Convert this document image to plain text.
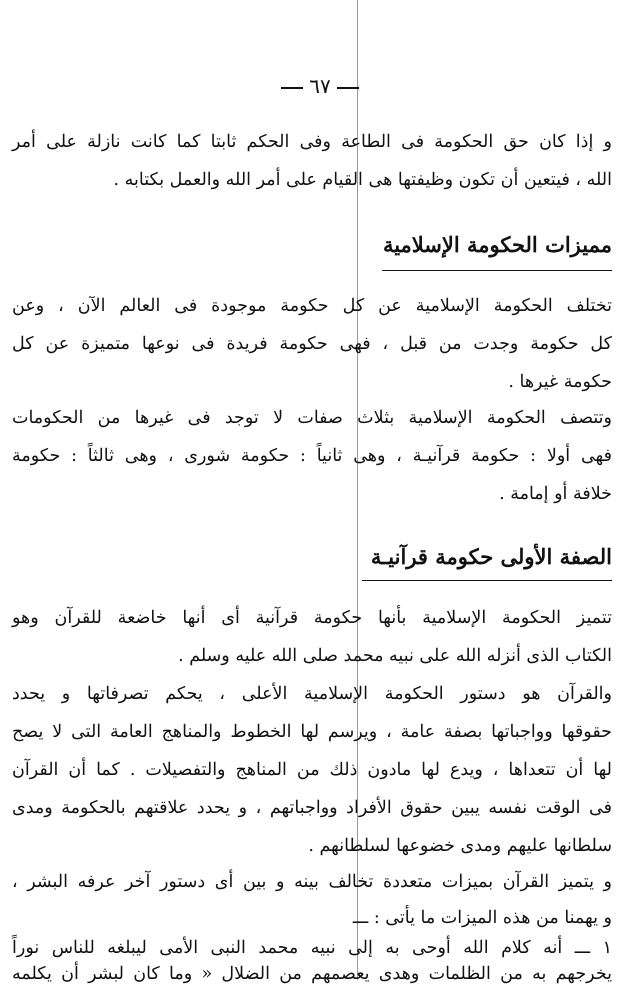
٦٧
و إذا كان حق الحكومة فى الطاعة وفى الحكم ثابتا كما كانت نازلة على أمر
الله ، فيتعين أن تكون وظيفتها هى القيام على أمر الله والعمل بكتابه .
مميزات الحكومة الإسلامية
تختلف الحكومة الإسلامية عن كل حكومة موجودة فى العالم الآن ، وعن
كل حكومة وجدت من قبل ، فهى حكومة فريدة فى نوعها متميزة عن كل
حكومة غيرها .
وتتصف الحكومة الإسلامية بثلاث صفات لا توجد فى غيرها من الحكومات
فهى أولا : حكومة قرآنيـة ، وهى ثانياً : حكومة شورى ، وهى ثالثاً : حكومة
خلافة أو إمامة .
الصفة الأولى حكومة قرآنيـة
تتميز الحكومة الإسلامية بأنها حكومة قرآنية أى أنها خاضعة للقرآن وهو
الكتاب الذى أنزله الله على نبيه محمد صلى الله عليه وسلم .
والقرآن هو دستور الحكومة الإسلامية الأعلى ، يحكم تصرفاتها و يحدد
حقوقها وواجباتها بصفة عامة ، ويرسم لها الخطوط والمناهج العامة التى لا يصح
لها أن تتعداها ، ويدع لها مادون ذلك من المناهج والتفصيلات . كما أن القرآن
فى الوقت نفسه يبين حقوق الأفراد وواجباتهم ، و يحدد علاقتهم بالحكومة ومدى
سلطانها عليهم ومدى خضوعها لسلطانهم .
و يتميز القرآن بميزات متعددة تخالف بينه و بين أى دستور آخر عرفه البشر ،
و يهمنا من هذه الميزات ما يأتى : ـــ
١ ـــ أنه كلام الله أوحى به إلى نبيه محمد النبى الأمى ليبلغه للناس نوراً
يخرجهم به من الظلمات وهدى يعصمهم من الضلال « وما كان لبشر أن يكلمه
